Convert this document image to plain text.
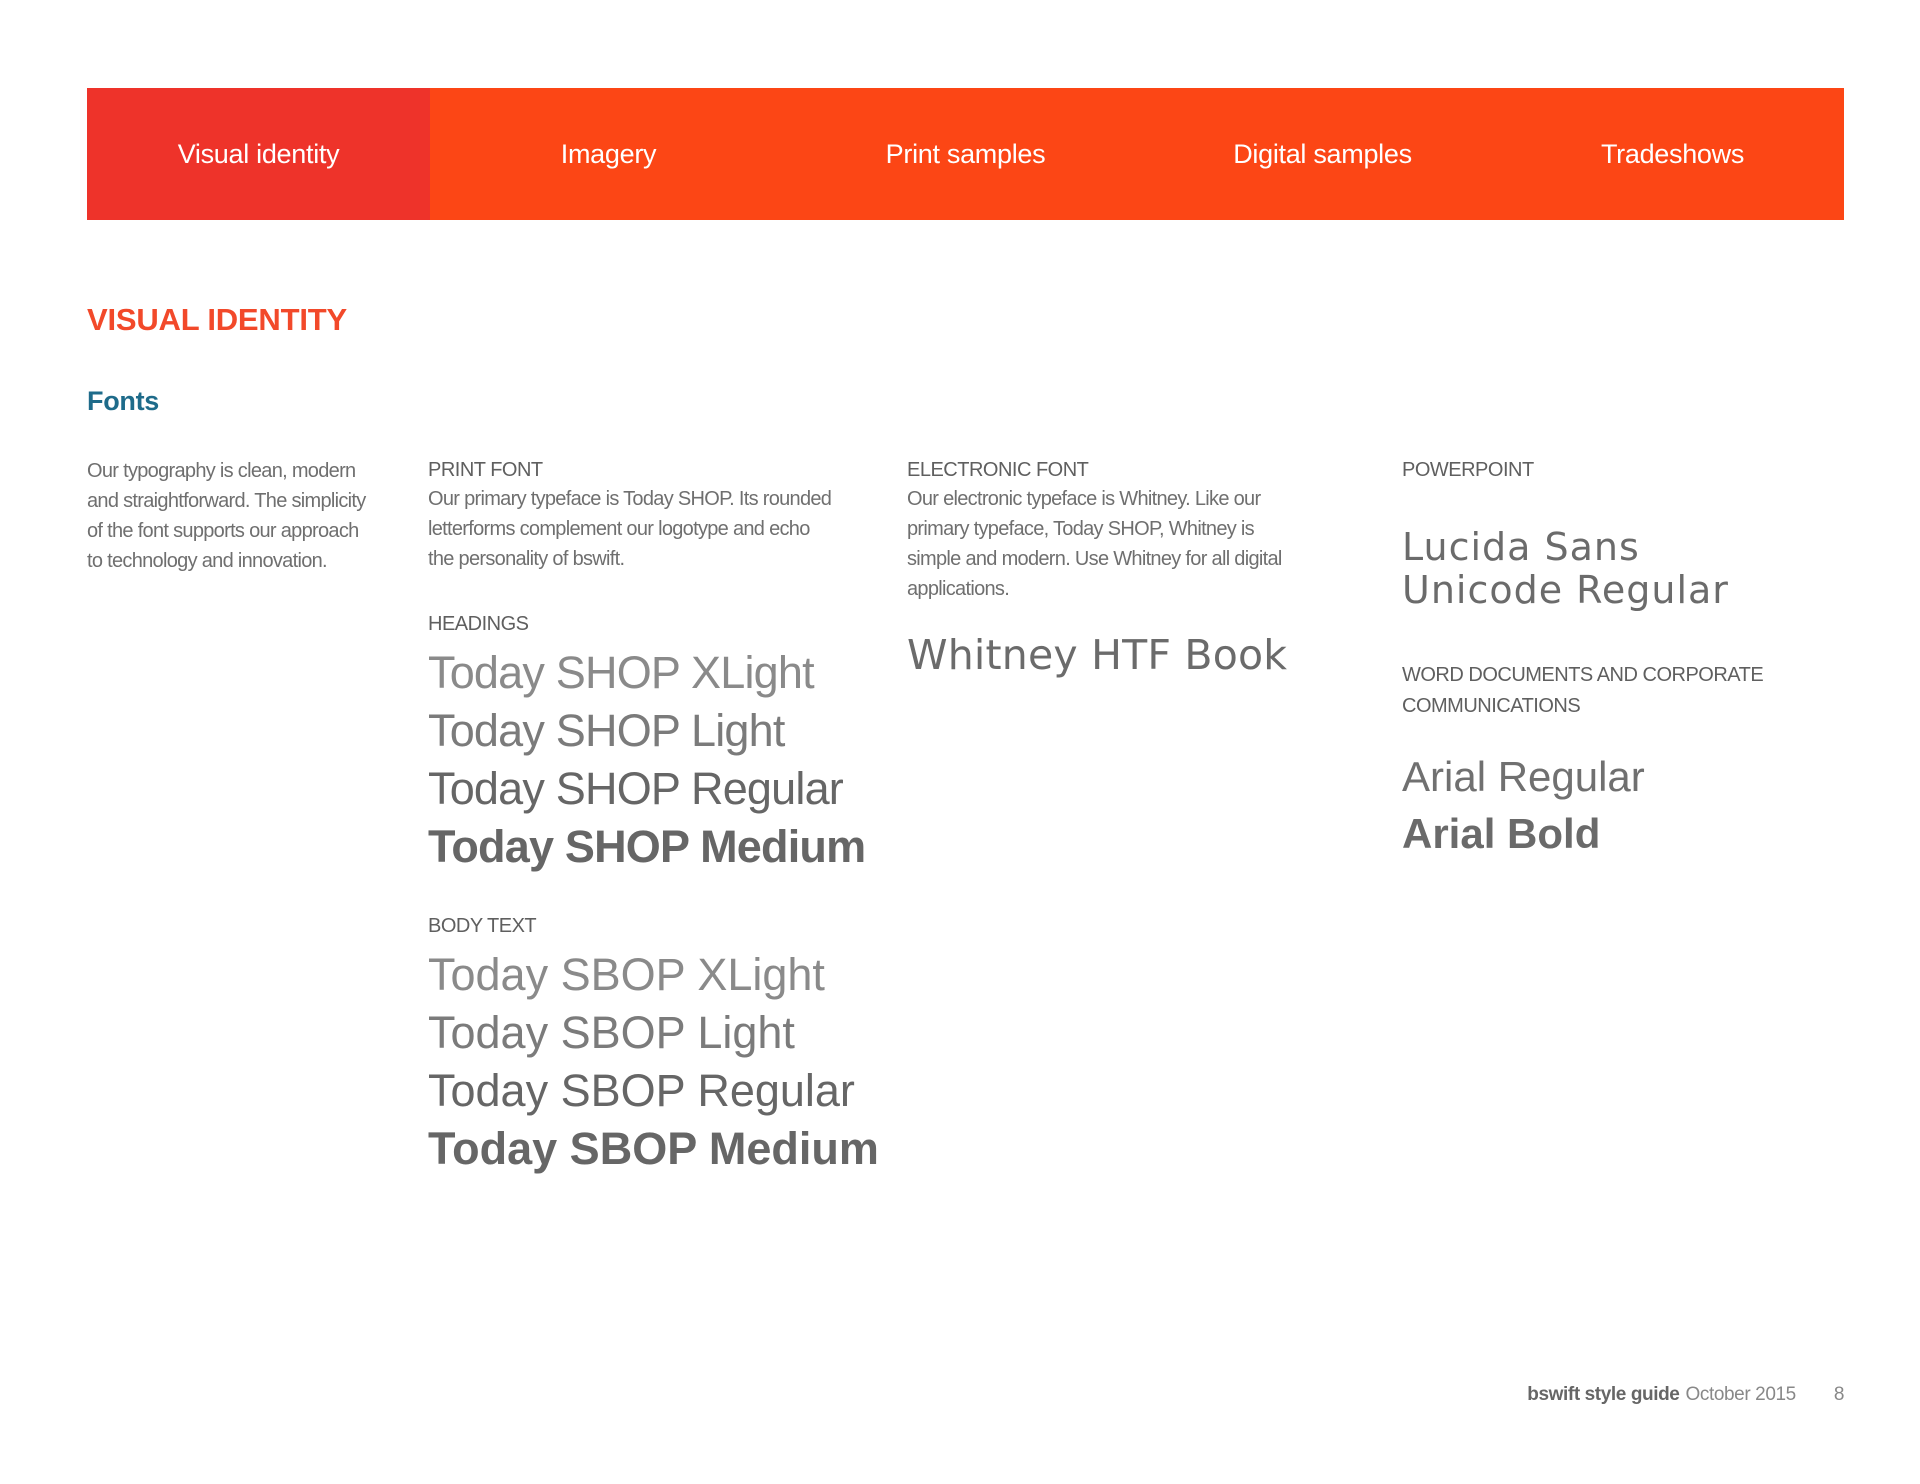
Visual identity	Imagery	Print samples	Digital samples	Tradeshows
VISUAL IDENTITY
Fonts
Our typography is clean, modern
and straightforward. The simplicity
of the font supports our approach
to technology and innovation.
PRINT FONT
Our primary typeface is Today SHOP. Its rounded
letterforms complement our logotype and echo
the personality of bswift.
HEADINGS
Today SHOP XLight
Today SHOP Light
Today SHOP Regular
Today SHOP Medium
BODY TEXT
Today SBOP XLight
Today SBOP Light
Today SBOP Regular
Today SBOP Medium
ELECTRONIC FONT
Our electronic typeface is Whitney. Like our
primary typeface, Today SHOP, Whitney is
simple and modern. Use Whitney for all digital
applications.
Whitney HTF Book
POWERPOINT
Lucida Sans
Unicode Regular
WORD DOCUMENTS AND CORPORATE
COMMUNICATIONS
Arial Regular
Arial Bold
bswift style guide October 2015 8
